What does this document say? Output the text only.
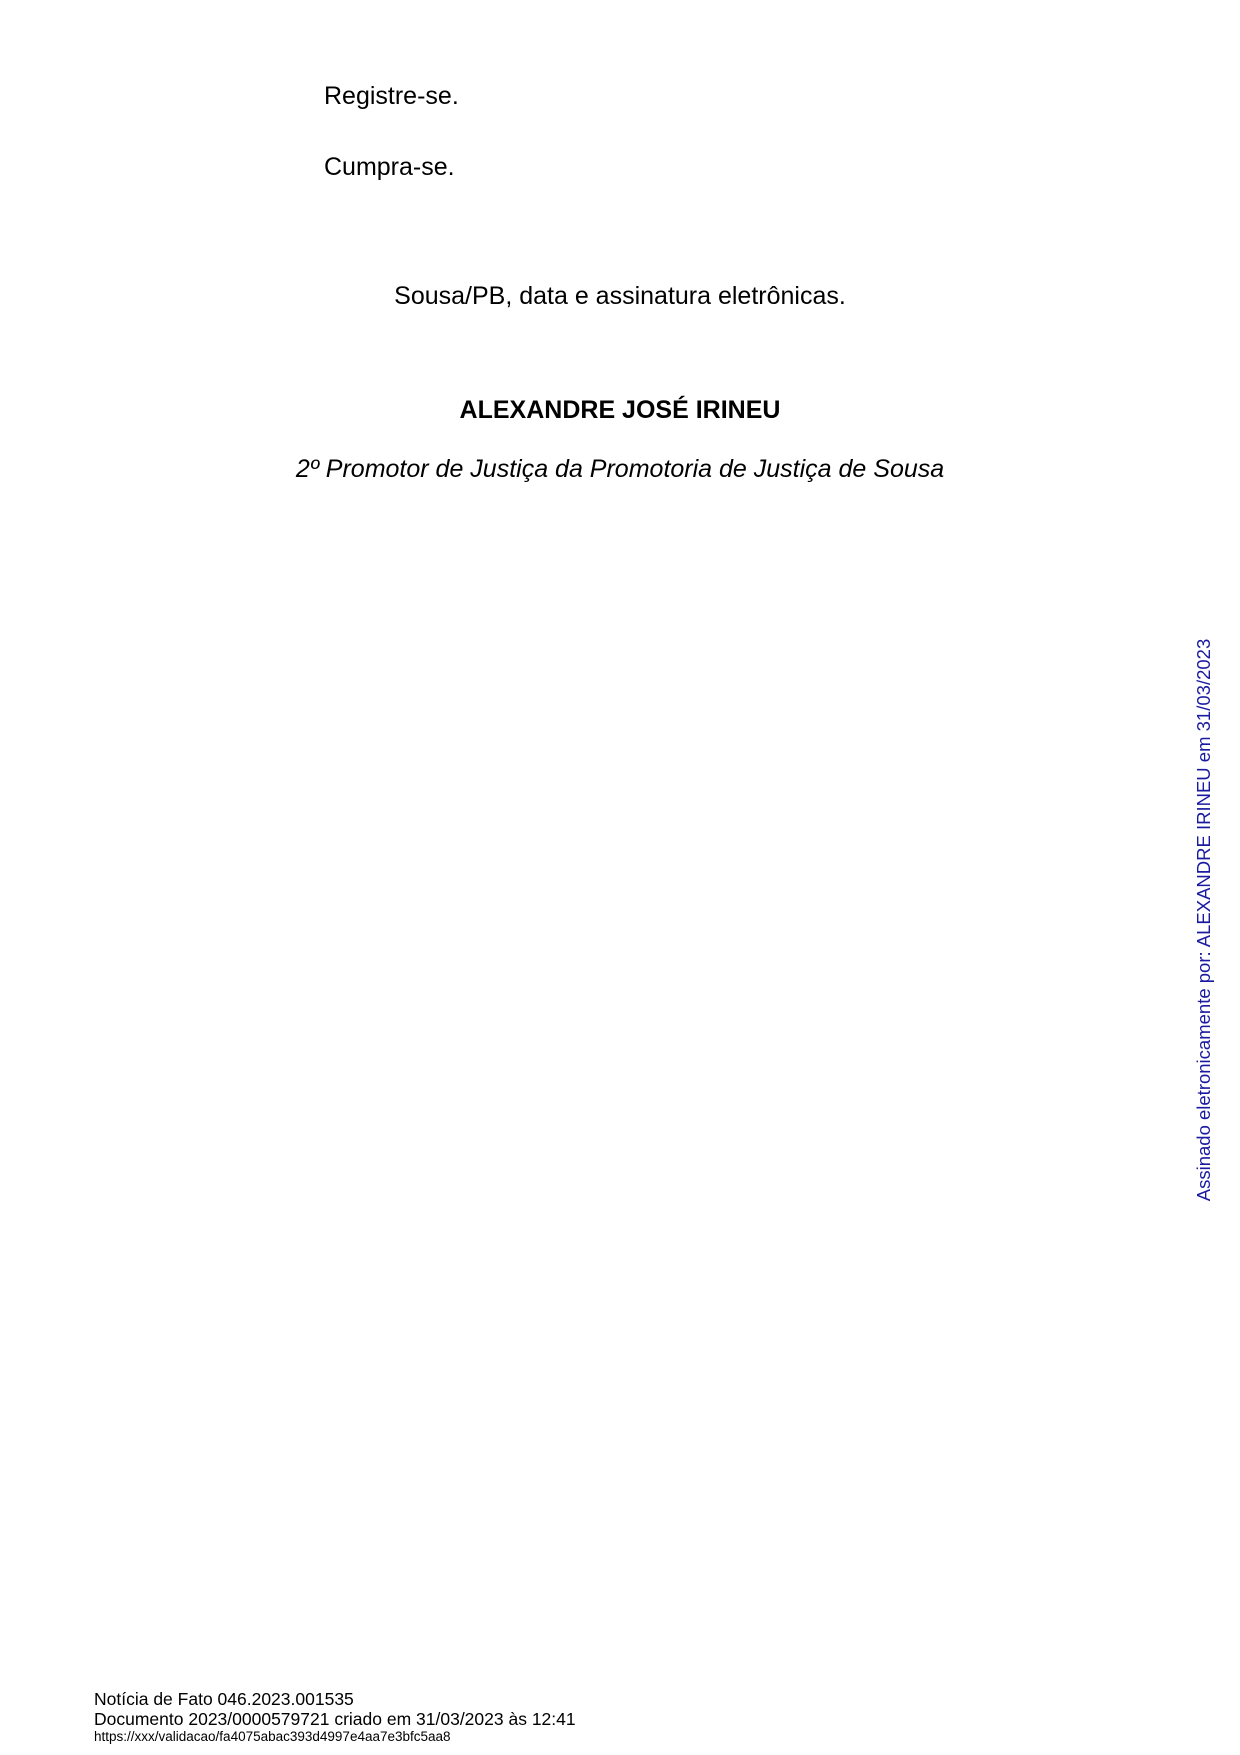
Registre-se.
Cumpra-se.
Sousa/PB, data e assinatura eletrônicas.
ALEXANDRE JOSÉ IRINEU
2º Promotor de Justiça da Promotoria de Justiça de Sousa
Assinado eletronicamente por: ALEXANDRE IRINEU em 31/03/2023
Notícia de Fato 046.2023.001535
Documento 2023/0000579721 criado em 31/03/2023 às 12:41
https://xxx/validacao/fa4075abac393d4997e4aa7e3bfc5aa8
